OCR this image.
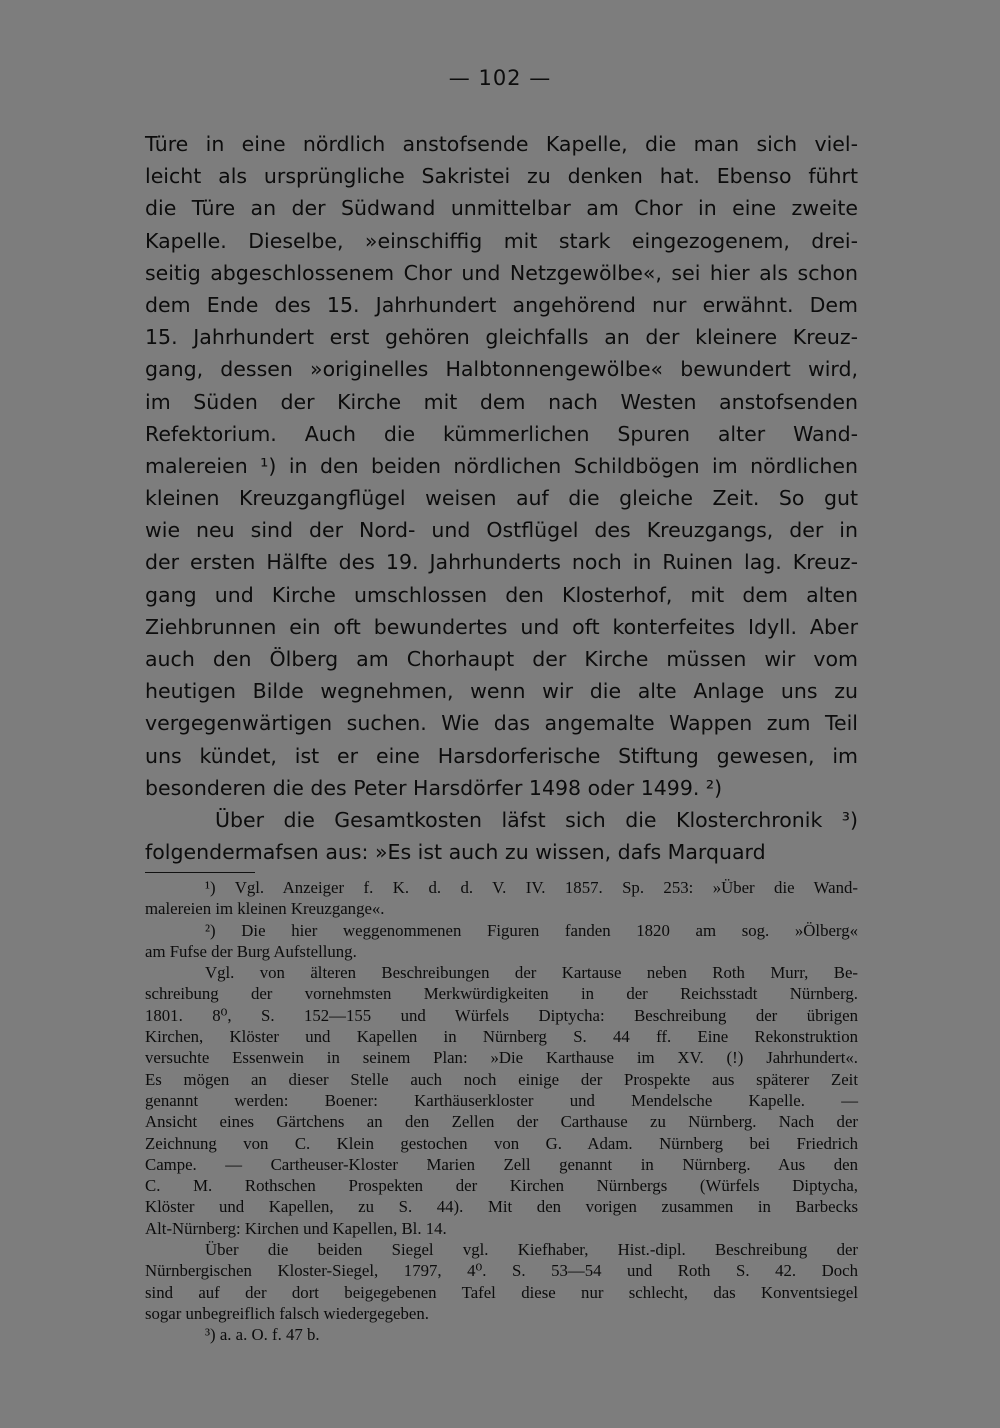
— 102 —
Türe in eine nördlich anstofsende Kapelle, die man sich viel-
leicht als ursprüngliche Sakristei zu denken hat. Ebenso führt
die Türe an der Südwand unmittelbar am Chor in eine zweite
Kapelle. Dieselbe, »einschiffig mit stark eingezogenem, drei-
seitig abgeschlossenem Chor und Netzgewölbe«, sei hier als schon
dem Ende des 15. Jahrhundert angehörend nur erwähnt. Dem
15. Jahrhundert erst gehören gleichfalls an der kleinere Kreuz-
gang, dessen »originelles Halbtonnengewölbe« bewundert wird,
im Süden der Kirche mit dem nach Westen anstofsenden
Refektorium. Auch die kümmerlichen Spuren alter Wand-
malereien ¹) in den beiden nördlichen Schildbögen im nördlichen
kleinen Kreuzgangflügel weisen auf die gleiche Zeit. So gut
wie neu sind der Nord- und Ostflügel des Kreuzgangs, der in
der ersten Hälfte des 19. Jahrhunderts noch in Ruinen lag. Kreuz-
gang und Kirche umschlossen den Klosterhof, mit dem alten
Ziehbrunnen ein oft bewundertes und oft konterfeites Idyll. Aber
auch den Ölberg am Chorhaupt der Kirche müssen wir vom
heutigen Bilde wegnehmen, wenn wir die alte Anlage uns zu
vergegenwärtigen suchen. Wie das angemalte Wappen zum Teil
uns kündet, ist er eine Harsdorferische Stiftung gewesen, im
besonderen die des Peter Harsdörfer 1498 oder 1499. ²)
Über die Gesamtkosten läfst sich die Klosterchronik ³)
folgendermafsen aus: »Es ist auch zu wissen, dafs Marquard
¹) Vgl. Anzeiger f. K. d. d. V. IV. 1857. Sp. 253: »Über die Wand-
malereien im kleinen Kreuzgange«.
²) Die hier weggenommenen Figuren fanden 1820 am sog. »Ölberg«
am Fufse der Burg Aufstellung.
Vgl. von älteren Beschreibungen der Kartause neben Roth Murr, Be-
schreibung der vornehmsten Merkwürdigkeiten in der Reichsstadt Nürnberg.
1801. 8⁰, S. 152—155 und Würfels Diptycha: Beschreibung der übrigen
Kirchen, Klöster und Kapellen in Nürnberg S. 44 ff. Eine Rekonstruktion
versuchte Essenwein in seinem Plan: »Die Karthause im XV. (!) Jahrhundert«.
Es mögen an dieser Stelle auch noch einige der Prospekte aus späterer Zeit
genannt werden: Boener: Karthäuserkloster und Mendelsche Kapelle. —
Ansicht eines Gärtchens an den Zellen der Carthause zu Nürnberg. Nach der
Zeichnung von C. Klein gestochen von G. Adam. Nürnberg bei Friedrich
Campe. — Cartheuser-Kloster Marien Zell genannt in Nürnberg. Aus den
C. M. Rothschen Prospekten der Kirchen Nürnbergs (Würfels Diptycha,
Klöster und Kapellen, zu S. 44). Mit den vorigen zusammen in Barbecks
Alt-Nürnberg: Kirchen und Kapellen, Bl. 14.
Über die beiden Siegel vgl. Kiefhaber, Hist.-dipl. Beschreibung der
Nürnbergischen Kloster-Siegel, 1797, 4⁰. S. 53—54 und Roth S. 42. Doch
sind auf der dort beigegebenen Tafel diese nur schlecht, das Konventsiegel
sogar unbegreiflich falsch wiedergegeben.
³) a. a. O. f. 47 b.
